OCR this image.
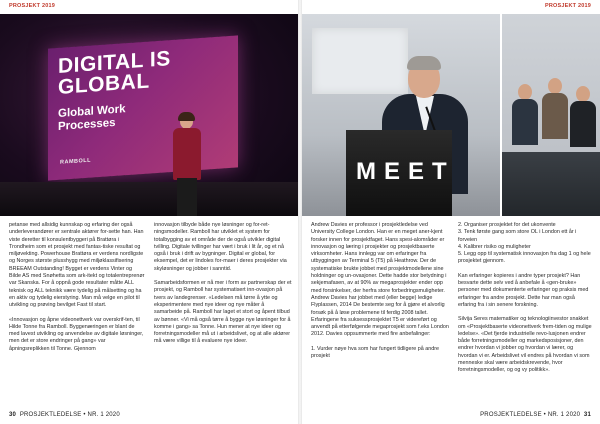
PROSJEKT 2019
DIGITAL IS
GLOBAL
Global Work
Processes
RAMBOLL

petanse med allsidig kunnskap og erfaring der også underleverandører er sentrale aktører for-sette han. Han viste deretter til konsulentbyggeri på Brattøra i Trondheim som et prosjekt med fantas-tiske resultat og miljøvekting. Powerhouse Brattøra er verdens nordligste og Norges største plusshygg med miljøklassifisering BREEAM Outstanding! Bygget er verdens Vinter og Bilde AS med Snøhetta som ark-itekt og totalentreprenør var Skanska. For å oppnå gode resultater måtte ALL teknisk og ALL teknikk være tydelig på målsetting og ha en aktiv og tydelig eierstyring. Man må velge en pilot til utvikling og prøving bevilget Fast til start.

«Innovasjon og åpne videonettverk var overskrif-ten, til Hilde Tonne fra Ramboll. Byggenæringen er blant de med lavest utvikling og anvendelse av digitale løsninger, men det er store endringer på gang» var åpningsreplikken til Tonne. Gjennom

innovasjon tilbyde både nye løsninger og for-ret-ningsmodeller. Ramboll har utviklet et system for totalbygging av et område der de også utvikler digital tvilling. Digitale tvillinger har vært i bruk i lit år, og et nå også i bruk i drift av bygninger. Digital er global, for eksempel, det er lindoles for-maer i deres prosjekter via skyløsninger og jobber i sanntid.

Samarbeidsformen er nå mer i form av partnerskap der et prosjekt, og Ramboll har systematisert inn-ovasjon på tvers av landegrenser. «Ledelsen må tørre å ytte og eksperimentere med nye ideer og nye måter å samarbeide på. Ramboll har laget et stort og åpent tilbud av bønner. «Vi må også tørre å bygge nye løsninger for å komme i gang» sa Tonne. Hun mener at nye ideer og forretningsmodeller må ut i arbeidslivet, og at alle aktører må være villige til å evaluere nye ideer.

30 PROSJEKTLEDELSE • NR. 1 2020
PROSJEKT 2019
MEET

Andrew Davies er professor i prosjektledelse ved University College London. Han er en meget aner-kjent forsker innen for prosjektfaget. Hans spesi-alområder er innovasjon og læring i prosjekter og prosjektbaserte virksomheter. Hans innlegg var om erfaringer fra utbyggingen av Terminal 5 (T5) på Heathrow. Der de systematiske brukte jobbet med prosjektmodellene sine holdninger og un-ovasjoner. Dette hadde stor betydning i sekjemafasen, av at 90% av megaprosjekter ender opp med forsinkelser, der herfra store forbedringsmuligheter. Andrew Davies har jobbet med (eller begge) ledige Flyplassen, 2014 De bestemte seg for å gjøre et alvorlig forsøk på å løse problemene til ferdig 2008 tallet. Erfaringene fra suksessprosjektet T5 er videreført og anvendt på etterfølgende megaprosjekt som f.eks London 2012. Davies oppsummerte med fire anbefalinger:

1. Vurder nøye hva som har fungert tidligere på andre prosjekt

2. Organiser prosjektet for det ukonvente
3. Tenk første gang som store OL i London ett år i forveien
4. Kalibrer risiko og muligheter
5. Legg opp til systematisk innovasjon fra dag 1 og hele prosjektet gjennom.

Kan erfaringer kopieres i andre typer prosjekt? Han besvarte dette selv ved å anbefale å «gen-bruke» personer med dokumenterte erfaringer og praksis med erfaringer fra andre prosjekt. Dette har man også erfaring fra i sin senere forskning.

Silvija Seres matematiker og teknologiinvestor snakket om «Prosjektbaserte videonettverk frem-tiden og mulige ledelse». «Det fjerde industrielle revo-lusjonen endrer både forretningsmodeller og markedsposisjoner, den endrer hvordan vi jobber og hvordan vi lærer, og hvordan vi er. Arbeidslivet vil endres på hvordan vi som menneske skal være arbeidskrevende, hvor forretningsmodeller, og og vy politikk».

PROSJEKTLEDELSE • NR. 1 2020 31
